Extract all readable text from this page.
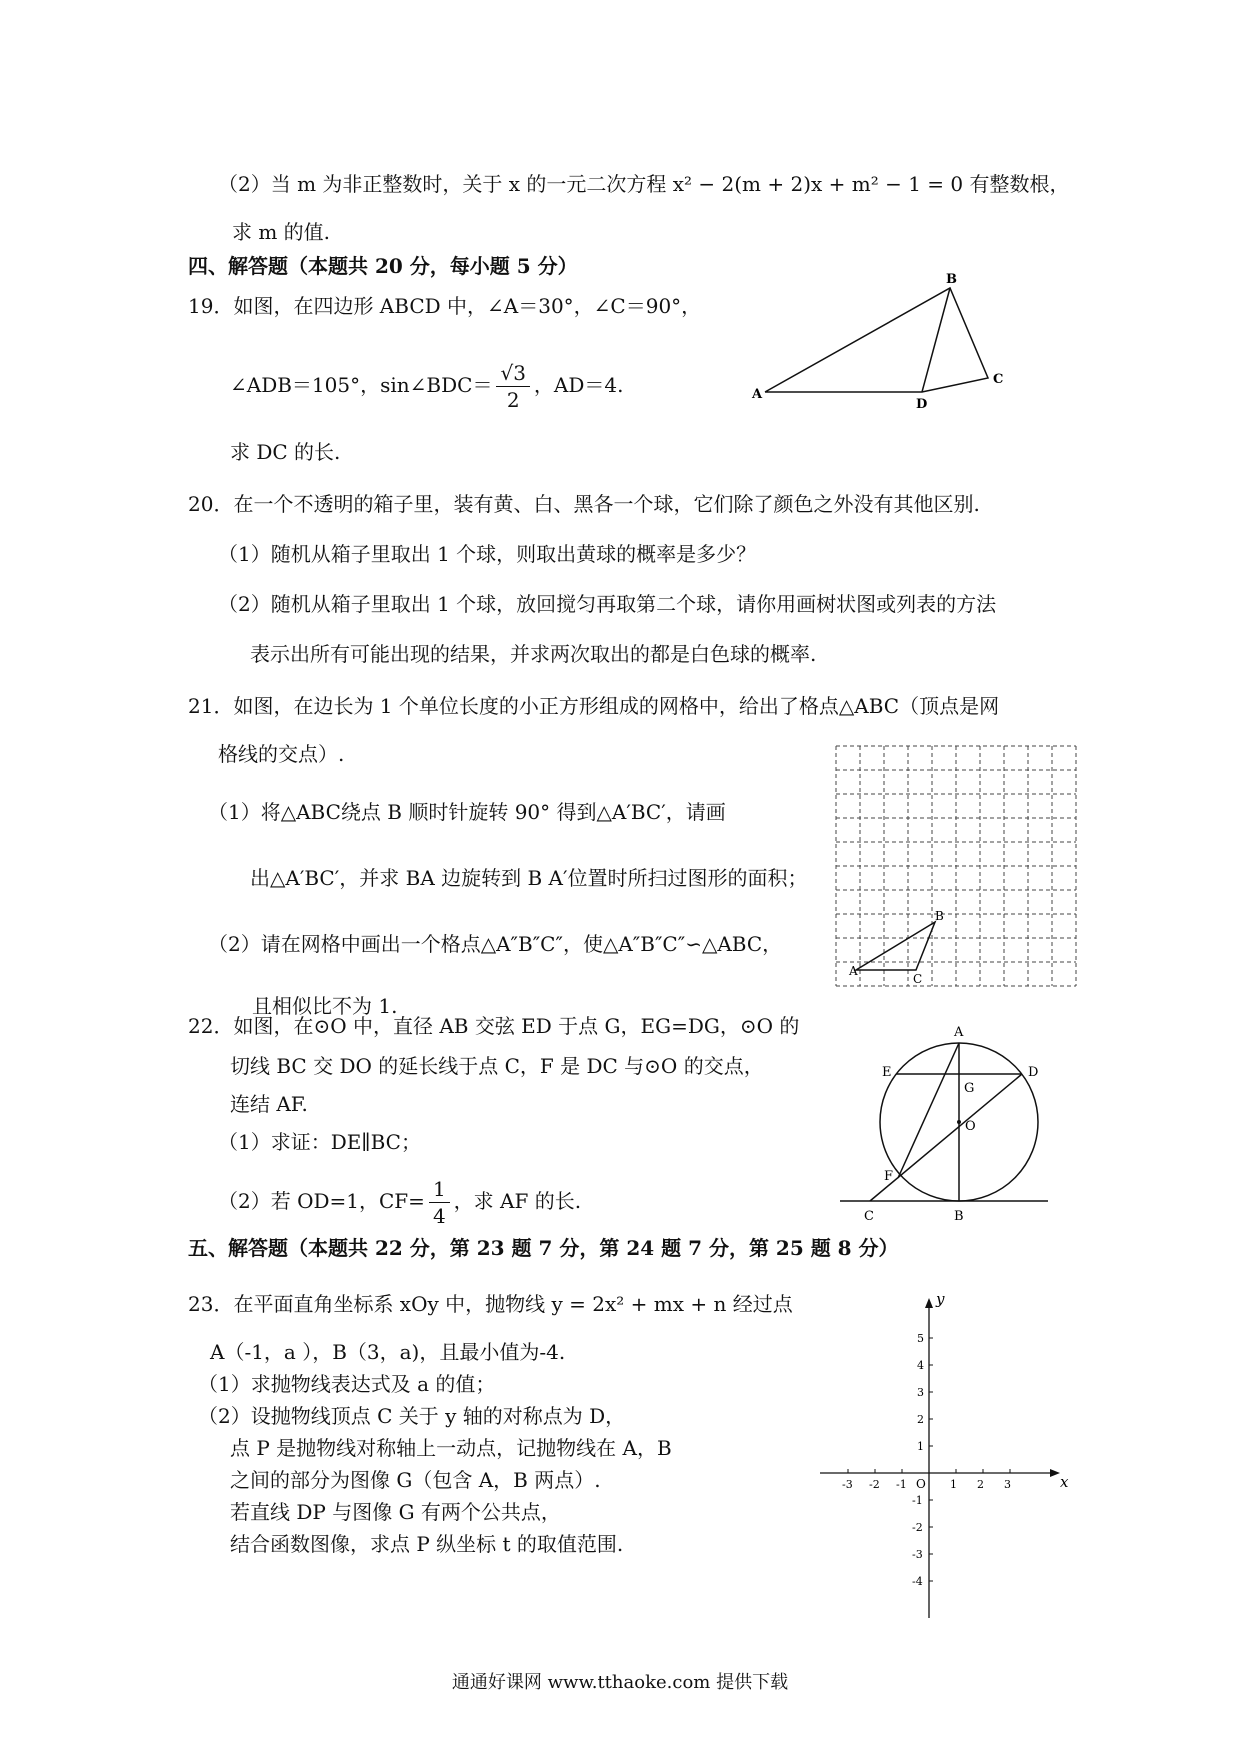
（2）当 m 为非正整数时，关于 x 的一元二次方程 x² − 2(m + 2)x + m² − 1 = 0 有整数根，
求 m 的值.
四、解答题（本题共 20 分，每小题 5 分）
19．如图，在四边形 ABCD 中，∠A＝30°，∠C＝90°，
∠ADB＝105°，sin∠BDC＝ $\frac{√3}{2}$ ，AD＝4.
求 DC 的长.
A
B
C
D
20．在一个不透明的箱子里，装有黄、白、黑各一个球，它们除了颜色之外没有其他区别.
（1）随机从箱子里取出 1 个球，则取出黄球的概率是多少？
（2）随机从箱子里取出 1 个球，放回搅匀再取第二个球，请你用画树状图或列表的方法
表示出所有可能出现的结果，并求两次取出的都是白色球的概率.
21．如图，在边长为 1 个单位长度的小正方形组成的网格中，给出了格点△ABC（顶点是网
格线的交点）.
（1）将△ABC绕点 B 顺时针旋转 90° 得到△A′BC′，请画
出△A′BC′，并求 BA 边旋转到 B A′位置时所扫过图形的面积；
（2）请在网格中画出一个格点△A″B″C″，使△A″B″C″∽△ABC，
且相似比不为 1.
A
B
C
22．如图，在⊙O 中，直径 AB 交弦 ED 于点 G，EG=DG，⊙O 的
切线 BC 交 DO 的延长线于点 C，F 是 DC 与⊙O 的交点，
连结 AF.
（1）求证：DE∥BC；
（2）若 OD=1，$CF= \frac{1}{4}$ ，求 AF 的长.
A
B
C
D
E
F
G
O
五、解答题（本题共 22 分，第 23 题 7 分，第 24 题 7 分，第 25 题 8 分）
23．在平面直角坐标系 xOy 中，抛物线 y = 2x² + mx + n 经过点
A（-1，a ），B（3，a)，且最小值为-4.
（1）求抛物线表达式及 a 的值；
（2）设抛物线顶点 C 关于 y 轴的对称点为 D，
点 P 是抛物线对称轴上一动点，记抛物线在 A，B
之间的部分为图像 G（包含 A，B 两点）.
若直线 DP 与图像 G 有两个公共点，
结合函数图像，求点 P 纵坐标 t 的取值范围.
x
y
O
-3 -2 -1	1 2 3
5
4
3
2
1
-1
-2
-3
-4
通通好课网 www.tthaoke.com 提供下载
